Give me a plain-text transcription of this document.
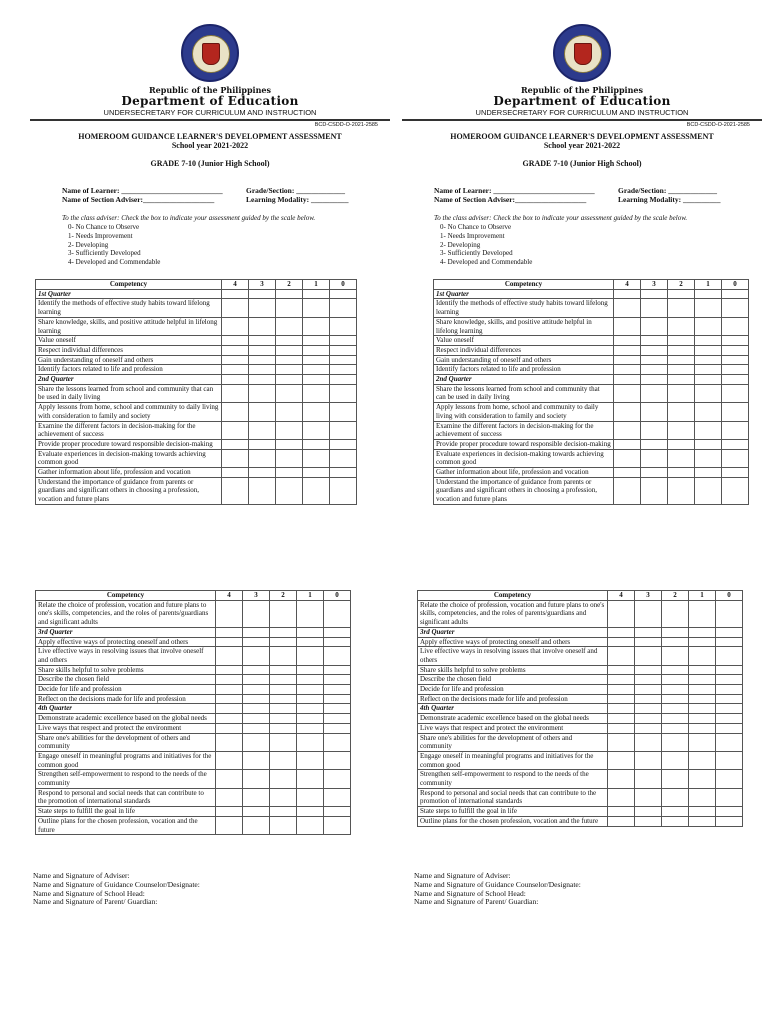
Republic of the Philippines
Department of Education
UNDERSECRETARY FOR CURRICULUM AND INSTRUCTION
BCD-CSDD-O-2021-2585
HOMEROOM GUIDANCE LEARNER'S DEVELOPMENT ASSESSMENT
School year 2021-2022
GRADE 7-10 (Junior High School)
Name of Learner: ___________________________	Grade/Section: _____________
Name of Section Adviser:___________________	Learning Modality: __________
To the class adviser: Check the box to indicate your assessment guided by the scale below.
0- No Chance to Observe
1- Needs Improvement
2- Developing
3- Sufficiently Developed
4- Developed and Commendable
Republic of the Philippines
Department of Education
UNDERSECRETARY FOR CURRICULUM AND INSTRUCTION
BCD-CSDD-O-2021-2585
HOMEROOM GUIDANCE LEARNER'S DEVELOPMENT ASSESSMENT
School year 2021-2022
GRADE 7-10 (Junior High School)
Name of Learner: ___________________________	Grade/Section: _____________
Name of Section Adviser:___________________	Learning Modality: __________
To the class adviser: Check the box to indicate your assessment guided by the scale below.
0- No Chance to Observe
1- Needs Improvement
2- Developing
3- Sufficiently Developed
4- Developed and Commendable
Competency	4	3	2	1	0
1st Quarter					
Identify the methods of effective study habits toward lifelong learning					
Share knowledge, skills, and positive attitude helpful in lifelong learning					
Value oneself					
Respect individual differences					
Gain understanding of oneself and others					
Identify factors related to life and profession					
2nd Quarter					
Share the lessons learned from school and community that can be used in daily living					
Apply lessons from home, school and community to daily living with consideration to family and society					
Examine the different factors in decision-making for the achievement of success					
Provide proper procedure toward responsible decision-making					
Evaluate experiences in decision-making towards achieving common good					
Gather information about life, profession and vocation					
Understand the importance of guidance from parents or guardians and significant others in choosing a profession, vocation and future plans					
Competency	4	3	2	1	0
1st Quarter					
Identify the methods of effective study habits toward lifelong learning					
Share knowledge, skills, and positive attitude helpful in lifelong learning					
Value oneself					
Respect individual differences					
Gain understanding of oneself and others					
Identify factors related to life and profession					
2nd Quarter					
Share the lessons learned from school and community that can be used in daily living					
Apply lessons from home, school and community to daily living with consideration to family and society					
Examine the different factors in decision-making for the achievement of success					
Provide proper procedure toward responsible decision-making					
Evaluate experiences in decision-making towards achieving common good					
Gather information about life, profession and vocation					
Understand the importance of guidance from parents or guardians and significant others in choosing a profession, vocation and future plans					
Competency	4	3	2	1	0
Relate the choice of profession, vocation and future plans to one's skills, competencies, and the roles of parents/guardians and significant adults					
3rd Quarter					
Apply effective ways of protecting oneself and others					
Live effective ways in resolving issues that involve oneself and others					
Share skills helpful to solve problems					
Describe the chosen field					
Decide for life and profession					
Reflect on the decisions made for life and profession					
4th Quarter					
Demonstrate academic excellence based on the global needs					
Live ways that respect and protect the environment					
Share one's abilities for the development of others and community					
Engage oneself in meaningful programs and initiatives for the common good					
Strengthen self-empowerment to respond to the needs of the community					
Respond to personal and social needs that can contribute to the promotion of international standards					
State steps to fulfill the goal in life					
Outline plans for the chosen profession, vocation and the future					
Competency	4	3	2	1	0
Relate the choice of profession, vocation and future plans to one's skills, competencies, and the roles of parents/guardians and significant adults					
3rd Quarter					
Apply effective ways of protecting oneself and others					
Live effective ways in resolving issues that involve oneself and others					
Share skills helpful to solve problems					
Describe the chosen field					
Decide for life and profession					
Reflect on the decisions made for life and profession					
4th Quarter					
Demonstrate academic excellence based on the global needs					
Live ways that respect and protect the environment					
Share one's abilities for the development of others and community					
Engage oneself in meaningful programs and initiatives for the common good					
Strengthen self-empowerment to respond to the needs of the community					
Respond to personal and social needs that can contribute to the promotion of international standards					
State steps to fulfill the goal in life					
Outline plans for the chosen profession, vocation and the future					
Name and Signature of Adviser:
Name and Signature of Guidance Counselor/Designate:
Name and Signature of School Head:
Name and Signature of Parent/ Guardian:
Name and Signature of Adviser:
Name and Signature of Guidance Counselor/Designate:
Name and Signature of School Head:
Name and Signature of Parent/ Guardian:
